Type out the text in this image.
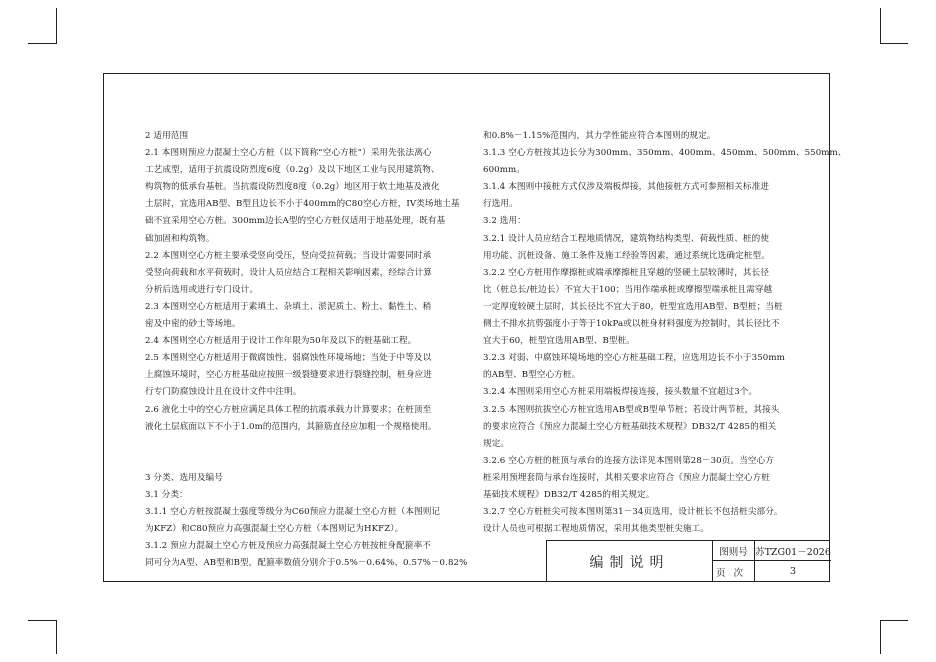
2 适用范围
2.1 本图则预应力混凝土空心方桩（以下简称“空心方桩”）采用先张法离心
工艺成型，适用于抗震设防烈度6度（0.2g）及以下地区工业与民用建筑物、
构筑物的低承台基桩。当抗震设防烈度8度（0.2g）地区用于软土地基及液化
土层时，宜选用AB型、B型且边长不小于400mm的C80空心方桩，IV类场地土基
础不宜采用空心方桩。300mm边长A型的空心方桩仅适用于地基处理，既有基
础加固和构筑物。
2.2 本图则空心方桩主要承受竖向受压，竖向受拉荷载；当设计需要同时承
受竖向荷载和水平荷载时，设计人员应结合工程相关影响因素，经综合计算
分析后选用或进行专门设计。
2.3 本图则空心方桩适用于素填土、杂填土、淤泥质土、粉土、黏性土、稍
密及中密的砂土等场地。
2.4 本图则空心方桩适用于设计工作年限为50年及以下的桩基础工程。
2.5 本图则空心方桩适用于微腐蚀性、弱腐蚀性环境场地；当处于中等及以
上腐蚀环境时，空心方桩基础应按照一级裂缝要求进行裂缝控制，桩身应进
行专门防腐蚀设计且在设计文件中注明。
2.6 液化土中的空心方桩应满足具体工程的抗震承载力计算要求；在桩顶至
液化土层底面以下不小于1.0m的范围内，其箍筋直径应加粗一个规格使用。
3 分类、选用及编号
3.1 分类：
3.1.1 空心方桩按混凝土强度等级分为C60预应力混凝土空心方桩（本图则记
为KFZ）和C80预应力高强混凝土空心方桩（本图则记为HKFZ）。
3.1.2 预应力混凝土空心方桩及预应力高强混凝土空心方桩按桩身配箍率不
同可分为A型、AB型和B型，配箍率数值分别介于0.5%－0.64%、0.57%－0.82%
和0.8%－1.15%范围内，其力学性能应符合本图则的规定。
3.1.3 空心方桩按其边长分为300mm、350mm、400mm、450mm、500mm、550mm、
600mm。
3.1.4 本图则中接桩方式仅涉及端板焊接，其他接桩方式可参照相关标准进
行选用。
3.2 选用：
3.2.1 设计人员应结合工程地质情况，建筑物结构类型、荷载性质、桩的使
用功能、沉桩设备、施工条件及施工经验等因素，通过系统比选确定桩型。
3.2.2 空心方桩用作摩擦桩或端承摩擦桩且穿越的竖硬土层较薄时，其长径
比（桩总长/桩边长）不宜大于100；当用作端承桩或摩擦型端承桩且需穿越
一定厚度较硬土层时，其长径比不宜大于80，桩型宜选用AB型、B型桩；当桩
侧土不排水抗剪强度小于等于10kPa或以桩身材料强度为控制时，其长径比不
宜大于60，桩型宜选用AB型、B型桩。
3.2.3 对弱、中腐蚀环境场地的空心方桩基础工程，应选用边长不小于350mm
的AB型、B型空心方桩。
3.2.4 本图则采用空心方桩采用端板焊接连接，接头数量不宜超过3个。
3.2.5 本图则抗拔空心方桩宜选用AB型或B型单节桩；若设计两节桩，其接头
的要求应符合《预应力混凝土空心方桩基础技术规程》DB32/T 4285的相关
规定。
3.2.6 空心方桩的桩顶与承台的连接方法详见本图则第28－30页。当空心方
桩采用预埋套筒与承台连接时，其相关要求应符合《预应力混凝土空心方桩
基础技术规程》DB32/T 4285的相关规定。
3.2.7 空心方桩桩尖可按本图则第31－34页选用，设计桩长不包括桩尖部分。
设计人员也可根据工程地质情况，采用其他类型桩尖施工。
编制说明
图则号 苏TZG01－2026
页次	3
